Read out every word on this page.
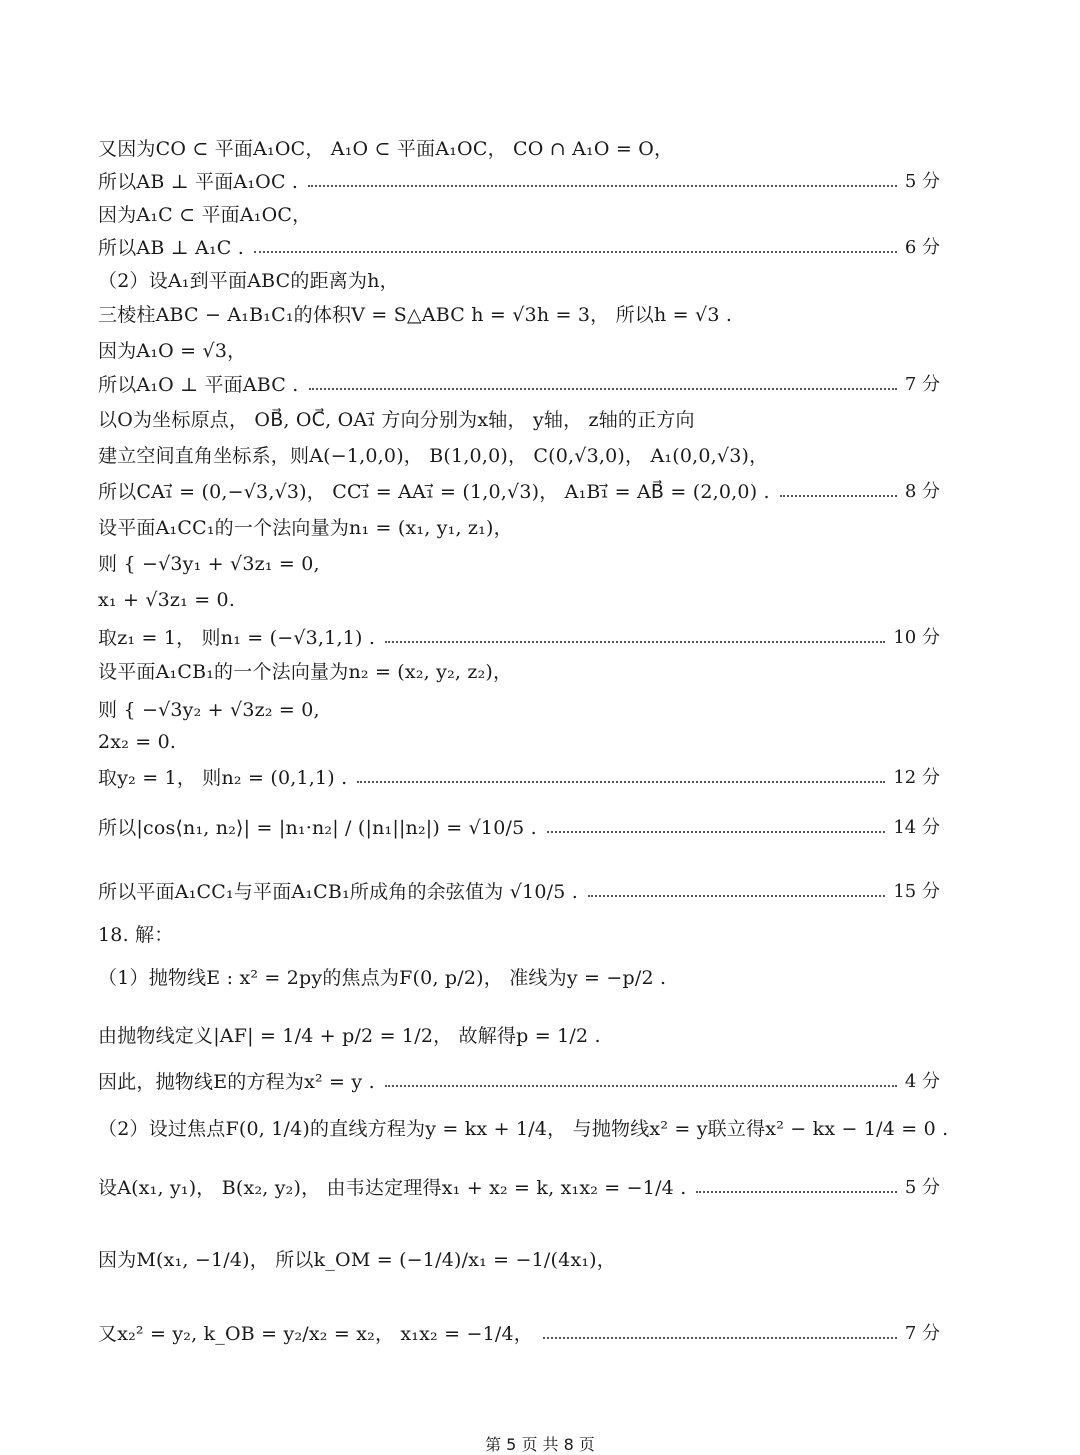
又因为CO ⊂ 平面A₁OC， A₁O ⊂ 平面A₁OC， CO ∩ A₁O = O，
所以AB ⊥ 平面A₁OC .	5 分
因为A₁C ⊂ 平面A₁OC，
所以AB ⊥ A₁C .	6 分
（2）设A₁到平面ABC的距离为h，
三棱柱ABC − A₁B₁C₁的体积V = S△ABC h = √3h = 3， 所以h = √3 .
因为A₁O = √3，
所以A₁O ⊥ 平面ABC .	7 分
以O为坐标原点， OB⃗, OC⃗, OA₁⃗ 方向分别为x轴， y轴， z轴的正方向
建立空间直角坐标系，则A(−1,0,0)， B(1,0,0)， C(0,√3,0)， A₁(0,0,√3)，
所以CA₁⃗ = (0,−√3,√3)， CC₁⃗ = AA₁⃗ = (1,0,√3)， A₁B₁⃗ = AB⃗ = (2,0,0) .	8 分
设平面A₁CC₁的一个法向量为n₁ = (x₁, y₁, z₁)，
则 { −√3y₁ + √3z₁ = 0,
x₁ + √3z₁ = 0.
取z₁ = 1， 则n₁ = (−√3,1,1) .	10 分
设平面A₁CB₁的一个法向量为n₂ = (x₂, y₂, z₂)，
则 { −√3y₂ + √3z₂ = 0,
2x₂ = 0.
取y₂ = 1， 则n₂ = (0,1,1) .	12 分
所以|cos⟨n₁, n₂⟩| = |n₁·n₂| / (|n₁||n₂|) = √10/5 .	14 分
所以平面A₁CC₁与平面A₁CB₁所成角的余弦值为 √10/5 .	15 分
18. 解：
（1）抛物线E : x² = 2py的焦点为F(0, p/2)， 准线为y = −p/2 .
由抛物线定义|AF| = 1/4 + p/2 = 1/2， 故解得p = 1/2 .
因此，抛物线E的方程为x² = y .	4 分
（2）设过焦点F(0, 1/4)的直线方程为y = kx + 1/4， 与抛物线x² = y联立得x² − kx − 1/4 = 0 .
设A(x₁, y₁)， B(x₂, y₂)， 由韦达定理得x₁ + x₂ = k, x₁x₂ = −1/4 .	5 分
因为M(x₁, −1/4)， 所以k_OM = (−1/4)/x₁ = −1/(4x₁)，
又x₂² = y₂, k_OB = y₂/x₂ = x₂， x₁x₂ = −1/4，	7 分
第 5 页 共 8 页
